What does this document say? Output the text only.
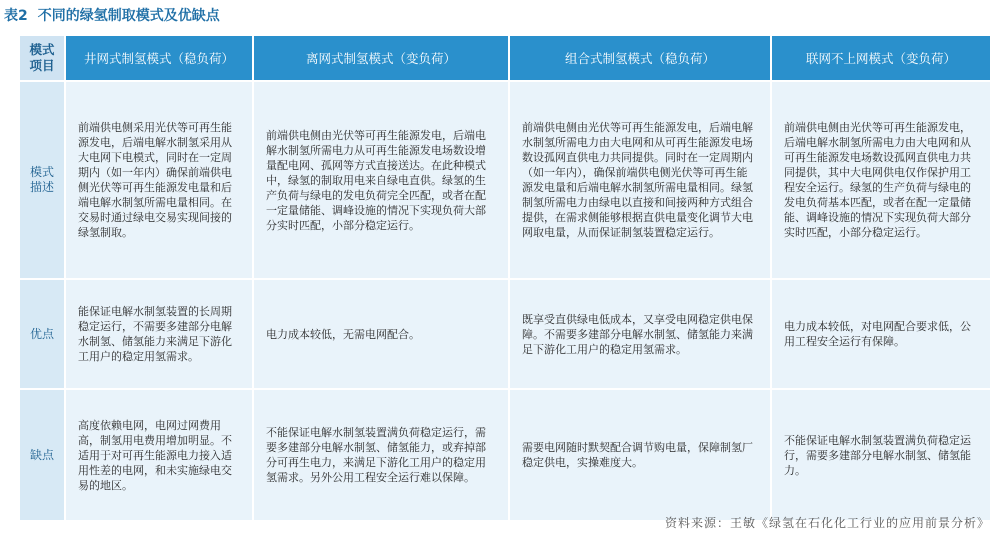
表2 不同的绿氢制取模式及优缺点
模式
项目	井网式制氢模式（稳负荷）	离网式制氢模式（变负荷）	组合式制氢模式（稳负荷）	联网不上网模式（变负荷）

模式
描述	前端供电侧采用光伏等可再生能源发电，后端电解水制氢采用从大电网下电模式，同时在一定周期内（如一年内）确保前端供电侧光伏等可再生能源发电量和后端电解水制氢所需电量相同。在交易时通过绿电交易实现间接的绿氢制取。	前端供电侧由光伏等可再生能源发电，后端电解水制氢所需电力从可再生能源发电场数设增量配电网、孤网等方式直接送达。在此种模式中，绿氢的制取用电来自绿电直供。绿氢的生产负荷与绿电的发电负荷完全匹配，或者在配一定量储能、调峰设施的情况下实现负荷大部分实时匹配，小部分稳定运行。	前端供电侧由光伏等可再生能源发电，后端电解水制氢所需电力由大电网和从可再生能源发电场数设孤网直供电力共同提供。同时在一定周期内（如一年内），确保前端供电侧光伏等可再生能源发电量和后端电解水制氢所需电量相同。绿氢制氢所需电力由绿电以直接和间接两种方式组合提供，在需求侧能够根据直供电量变化调节大电网取电量，从而保证制氢装置稳定运行。	前端供电侧由光伏等可再生能源发电，后端电解水制氢所需电力由大电网和从可再生能源发电场数设孤网直供电力共同提供，其中大电网供电仅作保护用工程安全运行。绿氢的生产负荷与绿电的发电负荷基本匹配，或者在配一定量储能、调峰设施的情况下实现负荷大部分实时匹配，小部分稳定运行。

优点	能保证电解水制氢装置的长周期稳定运行，不需要多建部分电解水制氢、储氢能力来满足下游化工用户的稳定用氢需求。	电力成本较低，无需电网配合。	既享受直供绿电低成本，又享受电网稳定供电保障。不需要多建部分电解水制氢、储氢能力来满足下游化工用户的稳定用氢需求。	电力成本较低，对电网配合要求低，公用工程安全运行有保障。

缺点	高度依赖电网，电网过网费用高，制氢用电费用增加明显。不适用于对可再生能源电力接入适用性差的电网，和未实施绿电交易的地区。	不能保证电解水制氢装置满负荷稳定运行，需要多建部分电解水制氢、储氢能力，或弃掉部分可再生电力，来满足下游化工用户的稳定用氢需求。另外公用工程安全运行难以保障。	需要电网随时默契配合调节购电量，保障制氢厂稳定供电，实操难度大。	不能保证电解水制氢装置满负荷稳定运行，需要多建部分电解水制氢、储氢能力。
资料来源：王敏《绿氢在石化化工行业的应用前景分析》
